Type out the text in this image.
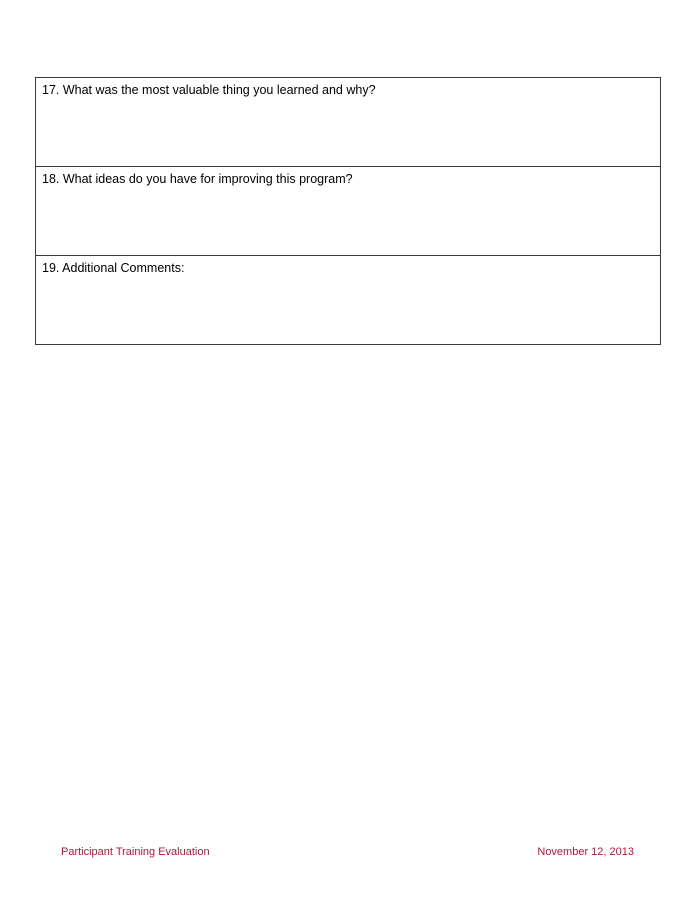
17. What was the most valuable thing you learned and why?
18. What ideas do you have for improving this program?
19. Additional Comments:
Participant Training Evaluation	November 12, 2013
